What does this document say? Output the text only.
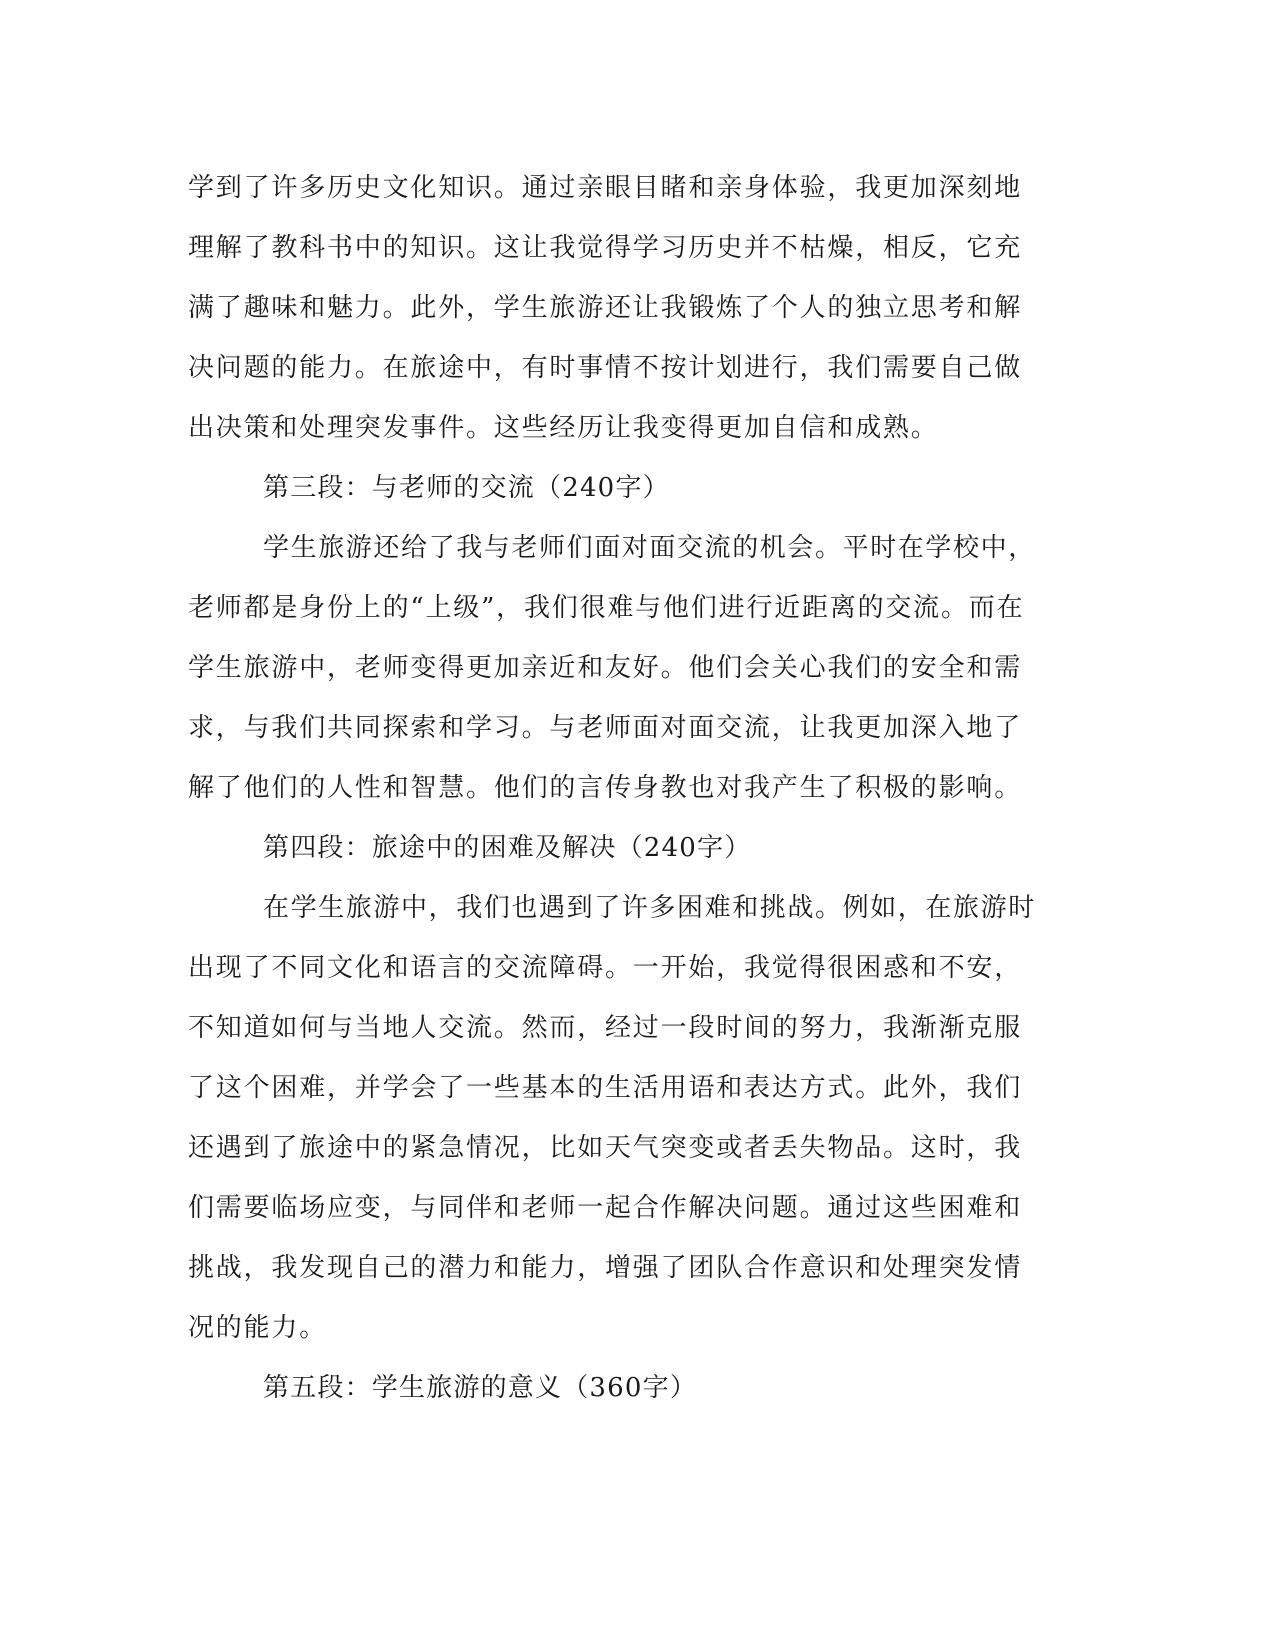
学到了许多历史文化知识。通过亲眼目睹和亲身体验，我更加深刻地
理解了教科书中的知识。这让我觉得学习历史并不枯燥，相反，它充
满了趣味和魅力。此外，学生旅游还让我锻炼了个人的独立思考和解
决问题的能力。在旅途中，有时事情不按计划进行，我们需要自己做
出决策和处理突发事件。这些经历让我变得更加自信和成熟。
第三段：与老师的交流（240字）
学生旅游还给了我与老师们面对面交流的机会。平时在学校中，
老师都是身份上的“上级”，我们很难与他们进行近距离的交流。而在
学生旅游中，老师变得更加亲近和友好。他们会关心我们的安全和需
求，与我们共同探索和学习。与老师面对面交流，让我更加深入地了
解了他们的人性和智慧。他们的言传身教也对我产生了积极的影响。
第四段：旅途中的困难及解决（240字）
在学生旅游中，我们也遇到了许多困难和挑战。例如，在旅游时
出现了不同文化和语言的交流障碍。一开始，我觉得很困惑和不安，
不知道如何与当地人交流。然而，经过一段时间的努力，我渐渐克服
了这个困难，并学会了一些基本的生活用语和表达方式。此外，我们
还遇到了旅途中的紧急情况，比如天气突变或者丢失物品。这时，我
们需要临场应变，与同伴和老师一起合作解决问题。通过这些困难和
挑战，我发现自己的潜力和能力，增强了团队合作意识和处理突发情
况的能力。
第五段：学生旅游的意义（360字）
